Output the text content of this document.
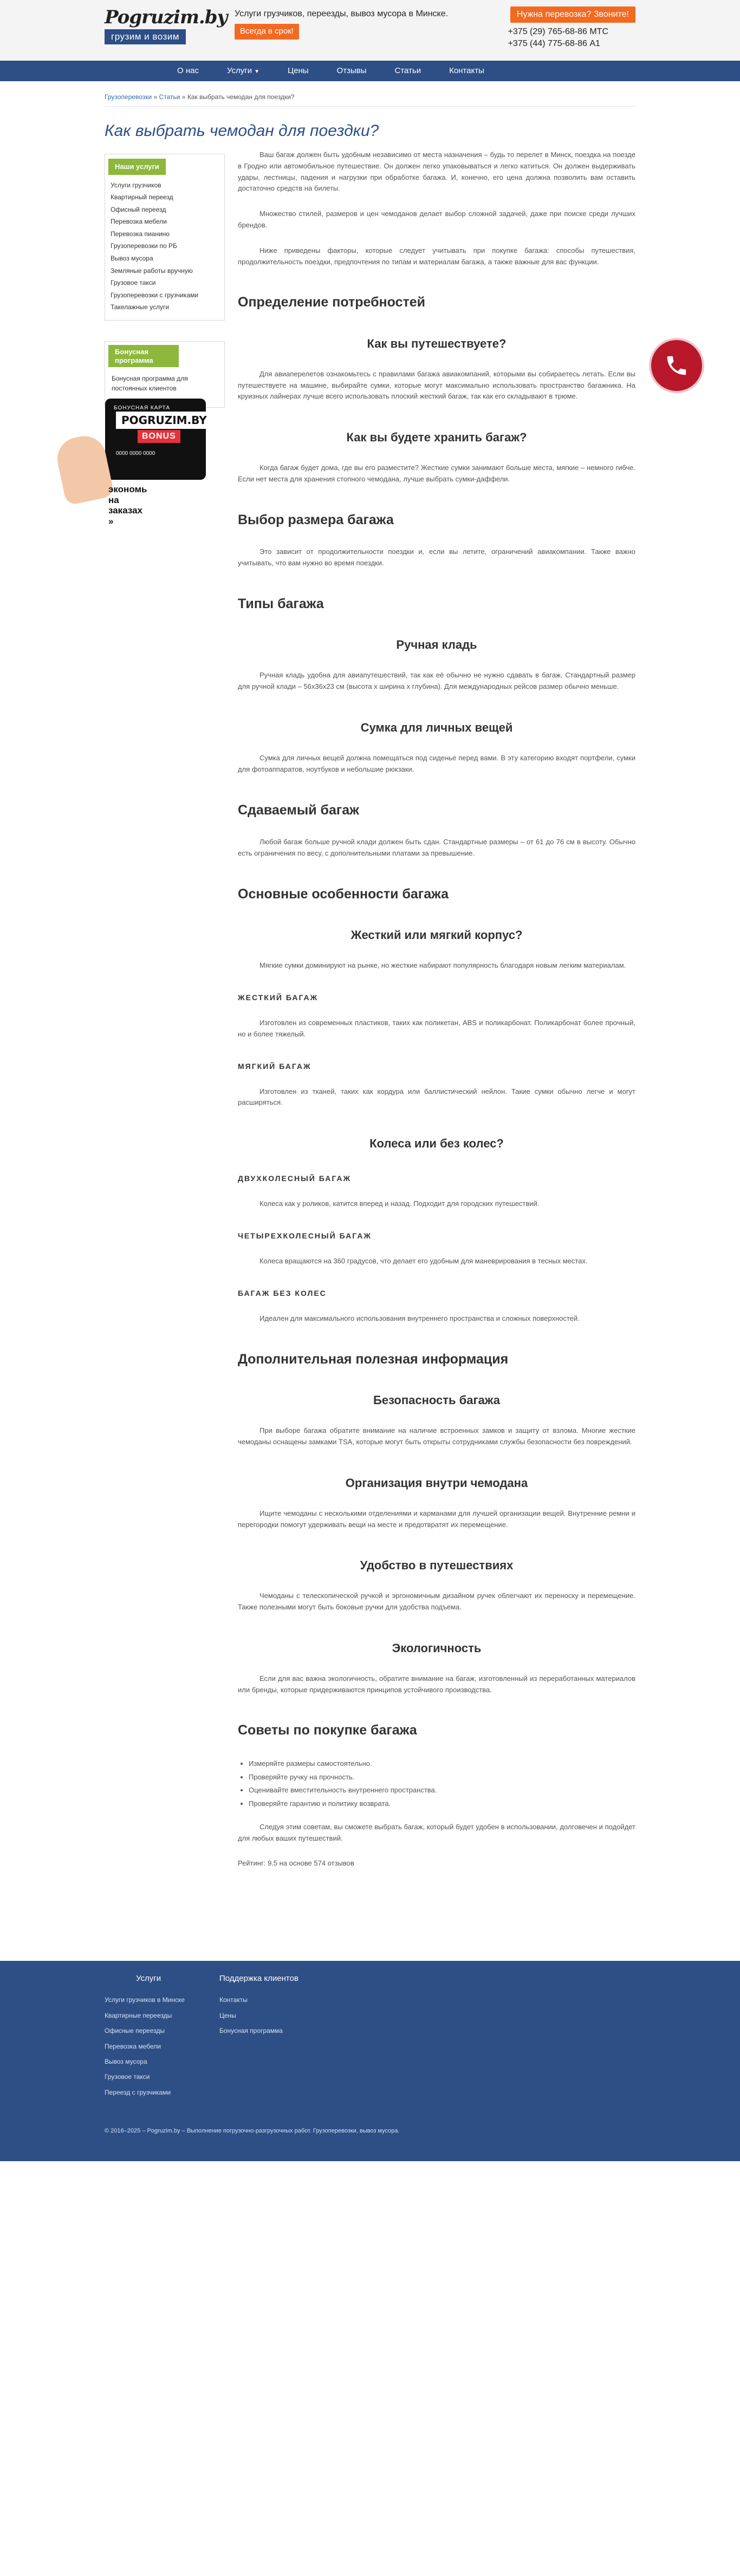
Pogruzim.by
грузим и возим
Услуги грузчиков, переезды, вывоз мусора в Минске.
Всегда в срок!
Нужна перевозка? Звоните!
+375 (29) 765-68-86 МТС
+375 (44) 775-68-86 A1
О нас	Услуги ▼	Цены	Отзывы	Статьи	Контакты
Грузоперевозки » Статьи » Как выбрать чемодан для поездки?
Как выбрать чемодан для поездки?
Наши услуги
Услуги грузчиков
Квартирный переезд
Офисный переезд
Перевозка мебели
Перевозка пианино
Грузоперевозки по РБ
Вывоз мусора
Земляные работы вручную
Грузовое такси
Грузоперевозки с грузчиками
Такелажные услуги
Бонусная программа
Бонусная программа для постоянных клиентов
БОНУСНАЯ КАРТА
POGRUZIM.BY
BONUS
0000 0000 0000
экономь
на заказах »

Ваш багаж должен быть удобным независимо от места назначения – будь то перелет в Минск, поездка на поезде в Гродно или автомобильное путешествие. Он должен легко упаковываться и легко катиться. Он должен выдерживать удары, лестницы, падения и нагрузки при обработке багажа. И, конечно, его цена должна позволить вам оставить достаточно средств на билеты.

Множество стилей, размеров и цен чемоданов делает выбор сложной задачей, даже при поиске среди лучших брендов.

Ниже приведены факторы, которые следует учитывать при покупке багажа: способы путешествия, продолжительность поездки, предпочтения по типам и материалам багажа, а также важные для вас функции.

Определение потребностей
Как вы путешествуете?

Для авиаперелетов ознакомьтесь с правилами багажа авиакомпаний, которыми вы собираетесь летать. Если вы путешествуете на машине, выбирайте сумки, которые могут максимально использовать пространство багажника. На круизных лайнерах лучше всего использовать плоский жесткий багаж, так как его складывают в трюме.

Как вы будете хранить багаж?

Когда багаж будет дома, где вы его разместите? Жесткие сумки занимают больше места, мягкие – немного гибче. Если нет места для хранения стопного чемодана, лучше выбрать сумки-даффели.

Выбор размера багажа

Это зависит от продолжительности поездки и, если вы летите, ограничений авиакомпании. Также важно учитывать, что вам нужно во время поездки.

Типы багажа
Ручная кладь

Ручная кладь удобна для авиапутешествий, так как её обычно не нужно сдавать в багаж. Стандартный размер для ручной клади – 56x36x23 см (высота x ширина x глубина). Для международных рейсов размер обычно меньше.

Сумка для личных вещей

Сумка для личных вещей должна помещаться под сиденье перед вами. В эту категорию входят портфели, сумки для фотоаппаратов, ноутбуков и небольшие рюкзаки.

Сдаваемый багаж

Любой багаж больше ручной клади должен быть сдан. Стандартные размеры – от 61 до 76 см в высоту. Обычно есть ограничения по весу, с дополнительными платами за превышение.

Основные особенности багажа
Жесткий или мягкий корпус?

Мягкие сумки доминируют на рынке, но жесткие набирают популярность благодаря новым легким материалам.

ЖЕСТКИЙ БАГАЖ

Изготовлен из современных пластиков, таких как поликетан, ABS и поликарбонат. Поликарбонат более прочный, но и более тяжелый.

МЯГКИЙ БАГАЖ

Изготовлен из тканей, таких как кордура или баллистический нейлон. Такие сумки обычно легче и могут расширяться.

Колеса или без колес?
ДВУХКОЛЕСНЫЙ БАГАЖ

Колеса как у роликов, катится вперед и назад. Подходит для городских путешествий.

ЧЕТЫРЕХКОЛЕСНЫЙ БАГАЖ

Колеса вращаются на 360 градусов, что делает его удобным для маневрирования в тесных местах.

БАГАЖ БЕЗ КОЛЕС

Идеален для максимального использования внутреннего пространства и сложных поверхностей.

Дополнительная полезная информация
Безопасность багажа

При выборе багажа обратите внимание на наличие встроенных замков и защиту от взлома. Многие жесткие чемоданы оснащены замками TSA, которые могут быть открыты сотрудниками службы безопасности без повреждений.

Организация внутри чемодана

Ищите чемоданы с несколькими отделениями и карманами для лучшей организации вещей. Внутренние ремни и перегородки помогут удерживать вещи на месте и предотвратят их перемещение.

Удобство в путешествиях

Чемоданы с телескопической ручкой и эргономичным дизайном ручек облегчают их переноску и перемещение. Также полезными могут быть боковые ручки для удобства подъема.

Экологичность

Если для вас важна экологичность, обратите внимание на багаж, изготовленный из переработанных материалов или бренды, которые придерживаются принципов устойчивого производства.

Советы по покупке багажа
• Измеряйте размеры самостоятельно.
• Проверяйте ручку на прочность.
• Оценивайте вместительность внутреннего пространства.
• Проверяйте гарантию и политику возврата.

Следуя этим советам, вы сможете выбрать багаж, который будет удобен в использовании, долговечен и подойдет для любых ваших путешествий.

Рейтинг: 9.5 на основе 574 отзывов
Услуги
Услуги грузчиков в Минске
Квартирные переезды
Офисные переезды
Перевозка мебели
Вывоз мусора
Грузовое такси
Переезд с грузчиками
Поддержка клиентов
Контакты
Цены
Бонусная программа
© 2016–2025 – Pogruzim.by – Выполнение погрузочно-разгрузочных работ. Грузоперевозки, вывоз мусора.
